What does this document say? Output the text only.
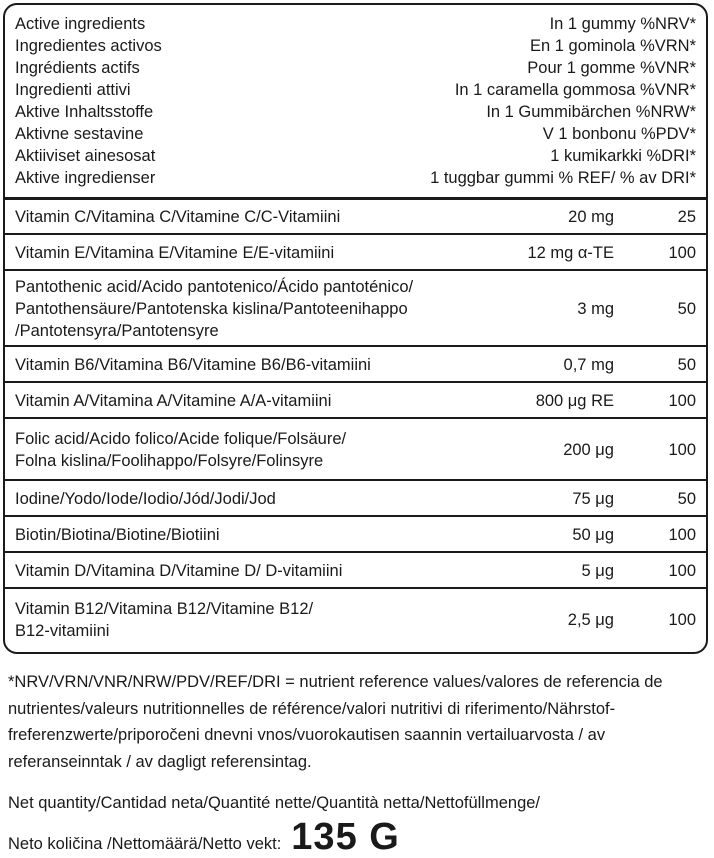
Active ingredients	In 1 gummy %NRV*
Ingredientes activos	En 1 gominola %VRN*
Ingrédients actifs	Pour 1 gomme %VNR*
Ingredienti attivi	In 1 caramella gommosa %VNR*
Aktive Inhaltsstoffe	In 1 Gummibärchen %NRW*
Aktivne sestavine	V 1 bonbonu %PDV*
Aktiiviset ainesosat	1 kumikarkki %DRI*
Aktive ingredienser	1 tuggbar gummi % REF/ % av DRI*
Vitamin C/Vitamina C/Vitamine C/C-Vitamiini	20 mg	25
Vitamin E/Vitamina E/Vitamine E/E-vitamiini	12 mg α-TE	100
Pantothenic acid/Acido pantotenico/Ácido pantoténico/
Pantothensäure/Pantotenska kislina/Pantoteenihappo
/Pantotensyra/Pantotensyre
3 mg	50
Vitamin B6/Vitamina B6/Vitamine B6/B6-vitamiini	0,7 mg	50
Vitamin A/Vitamina A/Vitamine A/A-vitamiini	800 μg RE	100
Folic acid/Acido folico/Acide folique/Folsäure/
Folna kislina/Foolihappo/Folsyre/Folinsyre
200 μg	100
Iodine/Yodo/Iode/Iodio/Jód/Jodi/Jod	75 μg	50
Biotin/Biotina/Biotine/Biotiini	50 μg	100
Vitamin D/Vitamina D/Vitamine D/ D-vitamiini	5 μg	100
Vitamin B12/Vitamina B12/Vitamine B12/
B12-vitamiini
2,5 μg	100

*NRV/VRN/VNR/NRW/PDV/REF/DRI = nutrient reference values/valores de referencia de

nutrientes/valeurs nutritionnelles de référence/valori nutritivi di riferimento/Nährstof-

freferenzwerte/priporočeni dnevni vnos/vuorokautisen saannin vertailuarvosta / av

referanseinntak / av dagligt referensintag.

Net quantity/Cantidad neta/Quantité nette/Quantità netta/Nettofüllmenge/

Neto količina /Nettomäärä/Netto vekt: 135 G
